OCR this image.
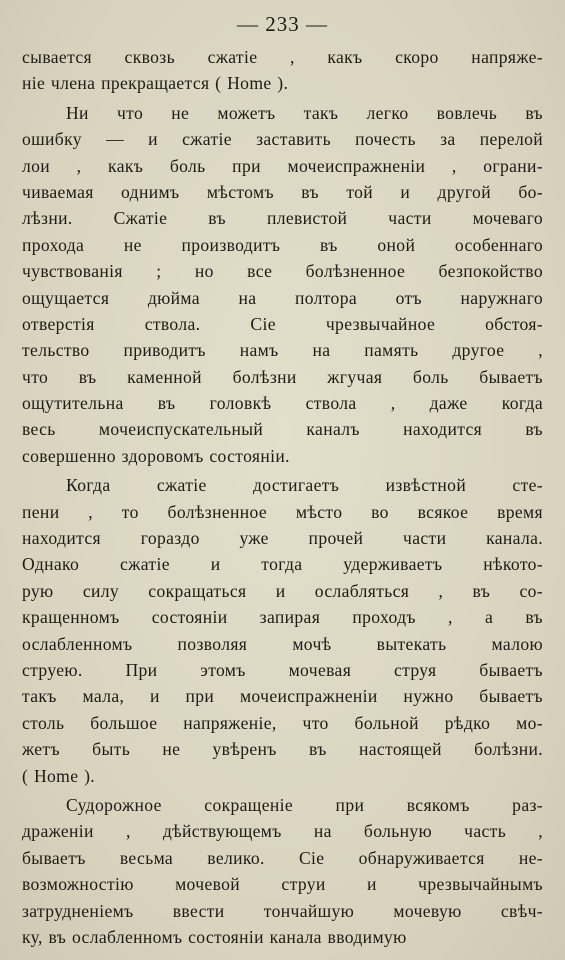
— 233 —
сывается сквозь сжатіе , какъ скоро напряже-
ніе члена прекращается ( Home ).
Ни что не можетъ такъ легко вовлечь въ
ошибку — и сжатіе заставить почесть за перелой
лои , какъ боль при мочеиспражненіи , ограни-
чиваемая однимъ мѣстомъ въ той и другой бо-
лѣзни. Сжатіе въ плевистой части мочеваго
прохода не производитъ въ оной особеннаго
чувствованія ; но все болѣзненное безпокойство
ощущается дюйма на полтора отъ наружнаго
отверстія ствола. Сіе чрезвычайное обстоя-
тельство приводитъ намъ на память другое ,
что въ каменной болѣзни жгучая боль бываетъ
ощутительна въ головкѣ ствола , даже когда
весь мочеиспускательный каналъ находится въ
совершенно здоровомъ состояніи.
Когда сжатіе достигаетъ извѣстной сте-
пени , то болѣзненное мѣсто во всякое время
находится гораздо уже прочей части канала.
Однако сжатіе и тогда удерживаетъ нѣкото-
рую силу сокращаться и ослабляться , въ со-
кращенномъ состояніи запирая проходъ , а въ
ослабленномъ позволяя мочѣ вытекать малою
струею. При этомъ мочевая струя бываетъ
такъ мала, и при мочеиспражненіи нужно бываетъ
столь большое напряженіе, что больной рѣдко мо-
жетъ быть не увѣренъ въ настоящей болѣзни.
( Home ).
Судорожное сокращеніе при всякомъ раз-
драженіи , дѣйствующемъ на больную часть ,
бываетъ весьма велико. Сіе обнаруживается не-
возможностію мочевой струи и чрезвычайнымъ
затрудненіемъ ввести тончайшую мочевую свѣч-
ку, въ ослабленномъ состояніи канала вводимую
